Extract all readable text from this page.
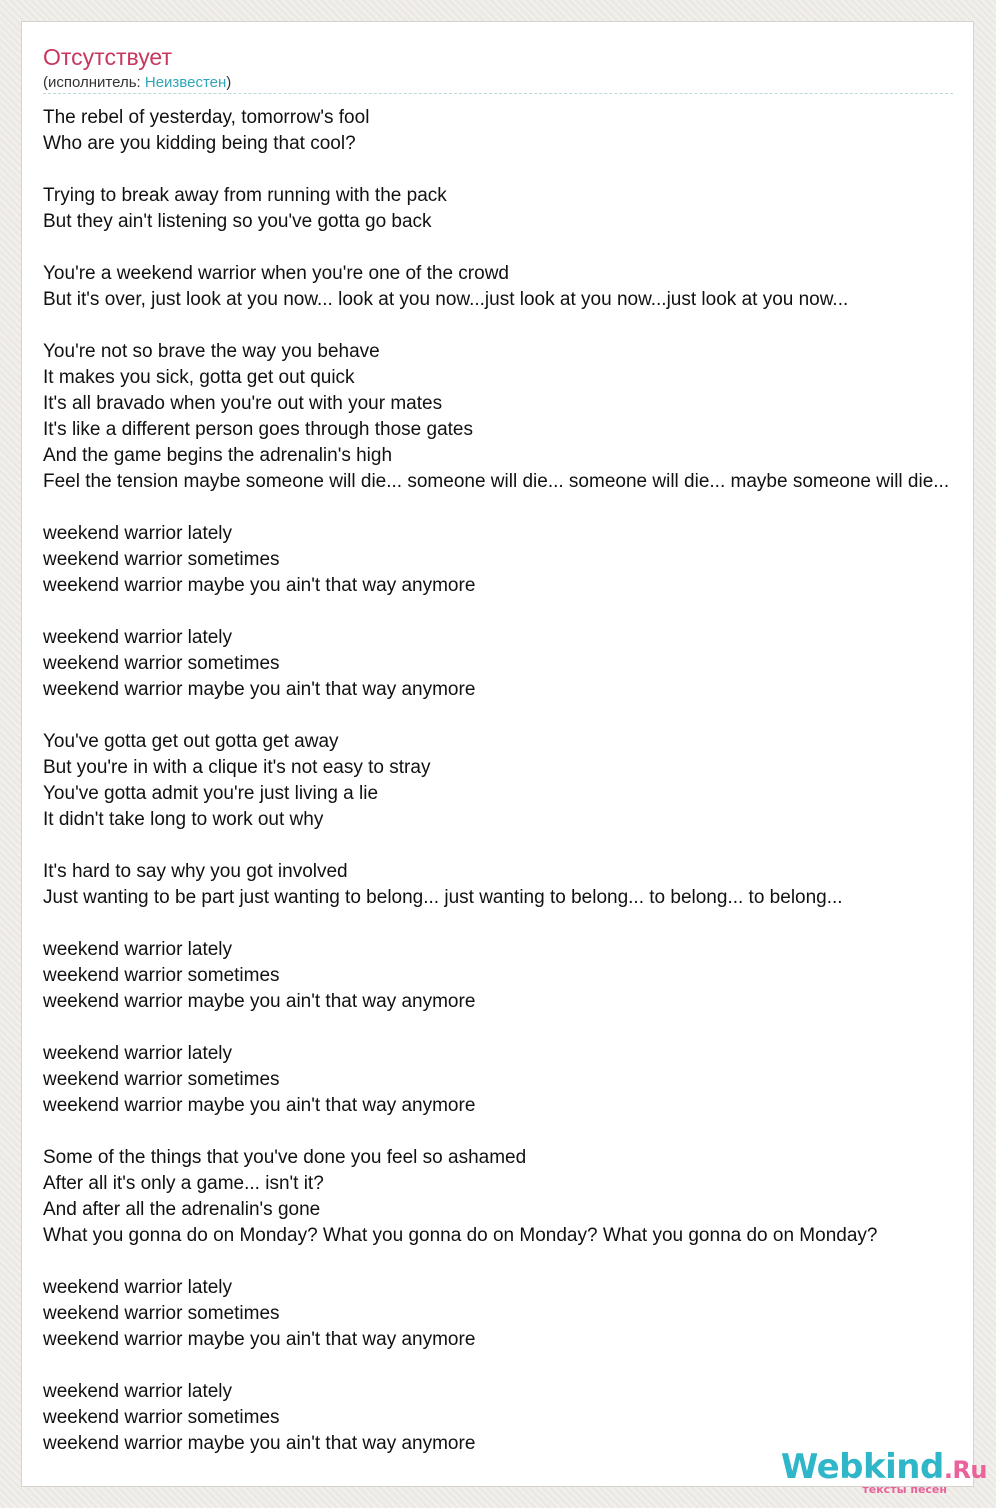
Отсутствует
(исполнитель: Неизвестен)
The rebel of yesterday, tomorrow's fool
Who are you kidding being that cool?
Trying to break away from running with the pack
But they ain't listening so you've gotta go back
You're a weekend warrior when you're one of the crowd
But it's over, just look at you now... look at you now...just look at you now...just look at you now...
You're not so brave the way you behave
It makes you sick, gotta get out quick
It's all bravado when you're out with your mates
It's like a different person goes through those gates
And the game begins the adrenalin's high
Feel the tension maybe someone will die... someone will die... someone will die... maybe someone will die...
weekend warrior lately
weekend warrior sometimes
weekend warrior maybe you ain't that way anymore
weekend warrior lately
weekend warrior sometimes
weekend warrior maybe you ain't that way anymore
You've gotta get out gotta get away
But you're in with a clique it's not easy to stray
You've gotta admit you're just living a lie
It didn't take long to work out why
It's hard to say why you got involved
Just wanting to be part just wanting to belong... just wanting to belong... to belong... to belong...
weekend warrior lately
weekend warrior sometimes
weekend warrior maybe you ain't that way anymore
weekend warrior lately
weekend warrior sometimes
weekend warrior maybe you ain't that way anymore
Some of the things that you've done you feel so ashamed
After all it's only a game... isn't it?
And after all the adrenalin's gone
What you gonna do on Monday? What you gonna do on Monday? What you gonna do on Monday?
weekend warrior lately
weekend warrior sometimes
weekend warrior maybe you ain't that way anymore
weekend warrior lately
weekend warrior sometimes
weekend warrior maybe you ain't that way anymore
Webkind.Ru
тексты песен
